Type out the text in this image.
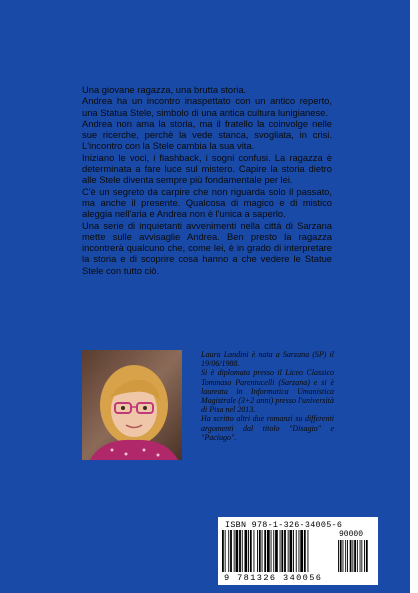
Una giovane ragazza, una brutta storia.

Andrea ha un incontro inaspettato con un antico reperto, una Statua Stele, simbolo di una antica cultura lunigianese.

Andrea non ama la storia, ma il fratello la coinvolge nelle sue ricerche, perchè la vede stanca, svogliata, in crisi. L'incontro con la Stele cambia la sua vita.

Iniziano le voci, i flashback, i sogni confusi. La ragazza è determinata a fare luce sul mistero. Capire la storia dietro alle Stele diventa sempre più fondamentale per lei.

C'è un segreto da carpire che non riguarda solo il passato, ma anche il presente. Qualcosa di magico e di mistico aleggia nell'aria e Andrea non è l'unica a saperlo.

Una serie di inquietanti avvenimenti nella città di Sarzana mette sulle avvisaglie Andrea. Ben presto la ragazza incontrerà qualcuno che, come lei, è in grado di interpretare la storia e di scoprire cosa hanno a che vedere le Statue Stele con tutto ciò.

Laura Landini è nata a Sarzana (SP) il 19/06/1988.

Si è diplomata presso il Liceo Classico Tommaso Parentucelli (Sarzana) e si è laureata in Informatica Umanistica Magistrale (3+2 anni) presso l'università di Pisa nel 2013.

Ha scritto altri due romanzi su differenti argomenti dal titolo "Disagio" e "Paciugo".

ISBN 978-1-326-34005-6
90000
9 781326 340056
